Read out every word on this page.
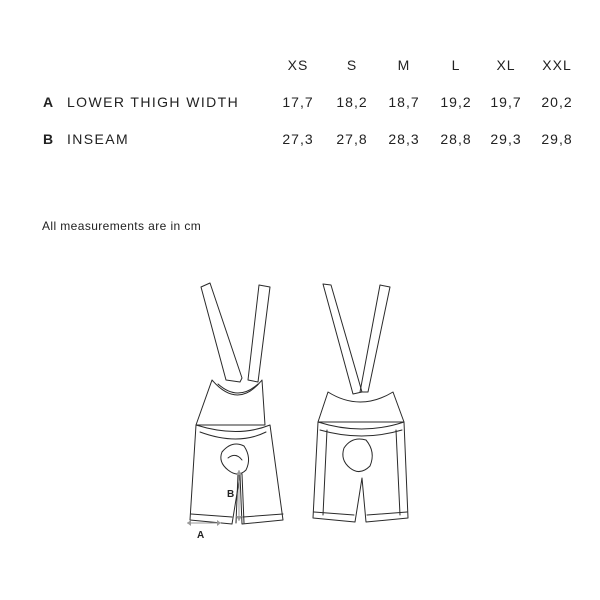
XS	S	M	L	XL	XXL
A LOWER THIGH WIDTH	17,7	18,2	18,7	19,2	19,7	20,2
B INSEAM	27,3	27,8	28,3	28,8	29,3	29,8
All measurements are in cm
A
B
